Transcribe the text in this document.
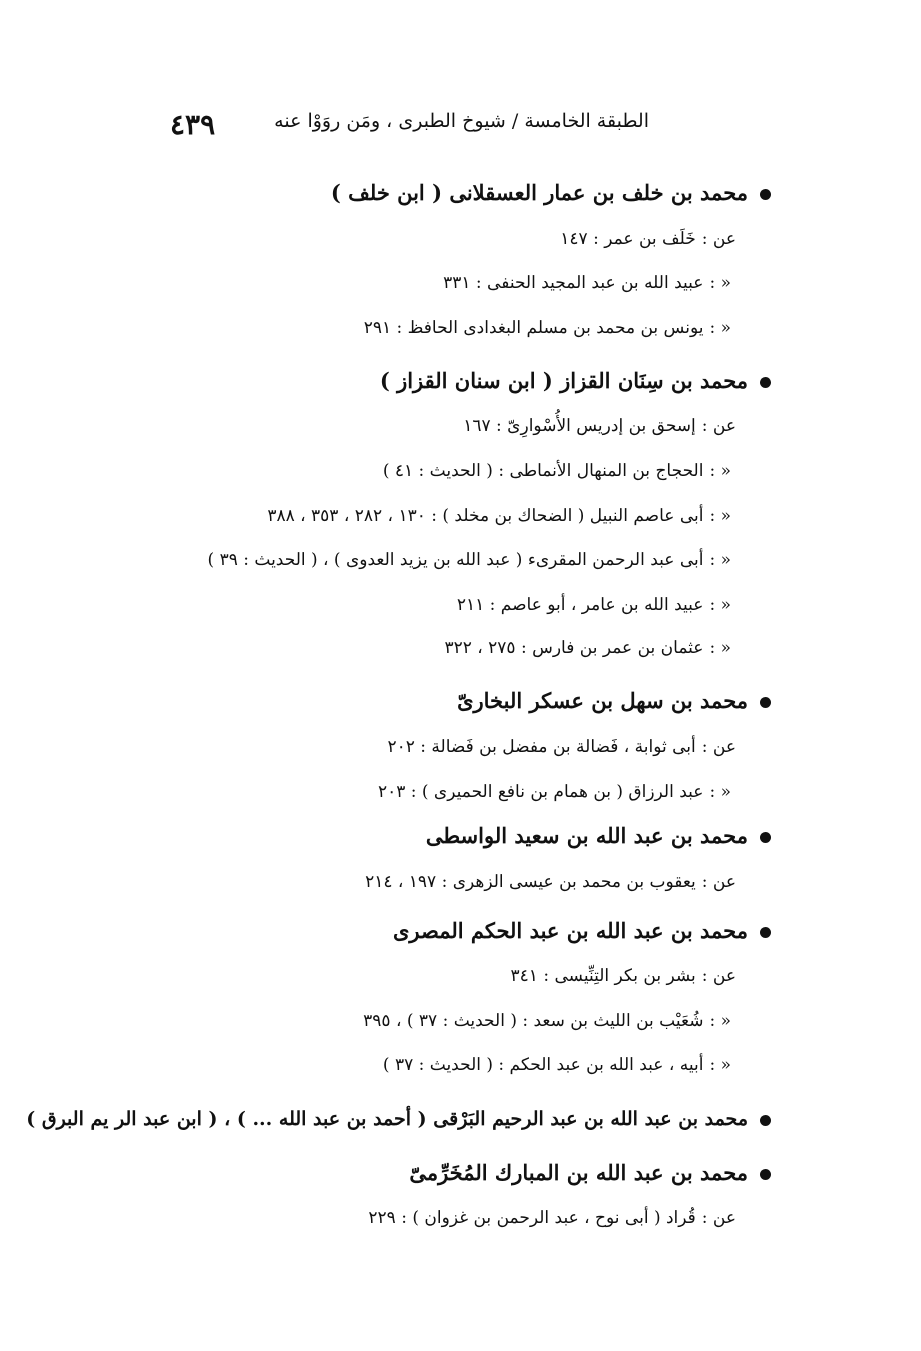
الطبقة الخامسة / شيوخ الطبرى ، ومَن روَوْا عنه
٤٣٩
محمد بن خلف بن عمار العسقلانى ( ابن خلف )
عن :خَلَف بن عمر : ١٤٧
« :عبيد الله بن عبد المجيد الحنفى : ٣٣١
« :يونس بن محمد بن مسلم البغدادى الحافظ : ٢٩١
محمد بن سِنَان القزاز ( ابن سنان القزاز )
عن :إسحق بن إدريس الأُسْوارِىّ : ١٦٧
« :الحجاج بن المنهال الأنماطى : ( الحديث : ٤١ )
« :أبى عاصم النبيل ( الضحاك بن مخلد ) : ١٣٠ ، ٢٨٢ ، ٣٥٣ ، ٣٨٨
« :أبى عبد الرحمن المقرىء ( عبد الله بن يزيد العدوى ) ، ( الحديث : ٣٩ )
« :عبيد الله بن عامر ، أبو عاصم : ٢١١
« :عثمان بن عمر بن فارس : ٢٧٥ ، ٣٢٢
محمد بن سهل بن عسكر البخارىّ
عن :أبى ثوابة ، فَضالة بن مفضل بن فَضالة : ٢٠٢
« :عبد الرزاق ( بن همام بن نافع الحميرى ) : ٢٠٣
محمد بن عبد الله بن سعيد الواسطى
عن :يعقوب بن محمد بن عيسى الزهرى : ١٩٧ ، ٢١٤
محمد بن عبد الله بن عبد الحكم المصرى
عن :بشر بن بكر التِنِّيسى : ٣٤١
« :شُعَيْب بن الليث بن سعد : ( الحديث : ٣٧ ) ، ٣٩٥
« :أبيه ، عبد الله بن عبد الحكم : ( الحديث : ٣٧ )
محمد بن عبد الله بن عبد الرحيم البَرْقى ( أحمد بن عبد الله ... ) ، ( ابن عبد الر يم البرق )
محمد بن عبد الله بن المبارك المُخَرِّمىّ
عن :قُراد ( أبى نوح ، عبد الرحمن بن غزوان ) : ٢٢٩
